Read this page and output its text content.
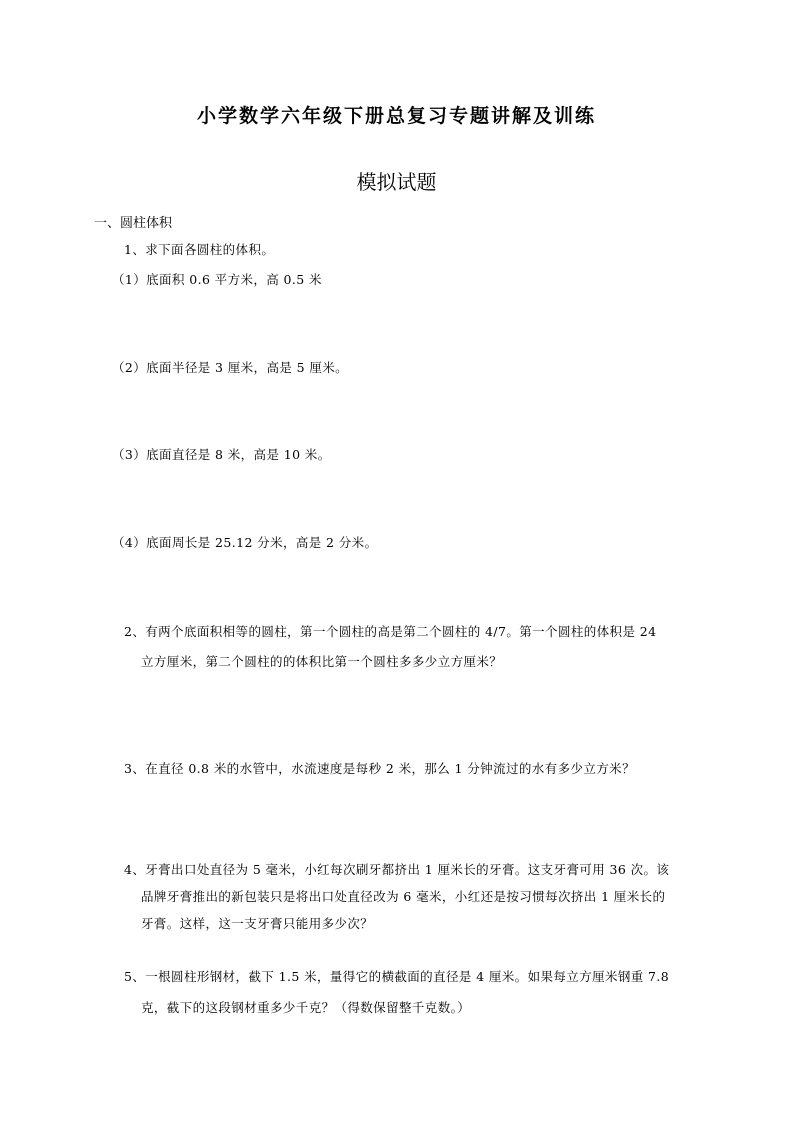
小学数学六年级下册总复习专题讲解及训练
模拟试题
一、圆柱体积
1、求下面各圆柱的体积。
（1）底面积 0.6 平方米，高 0.5 米
（2）底面半径是 3 厘米，高是 5 厘米。
（3）底面直径是 8 米，高是 10 米。
（4）底面周长是 25.12 分米，高是 2 分米。
2、有两个底面积相等的圆柱，第一个圆柱的高是第二个圆柱的 4/7。第一个圆柱的体积是 24
立方厘米，第二个圆柱的的体积比第一个圆柱多多少立方厘米？
3、在直径 0.8 米的水管中，水流速度是每秒 2 米，那么 1 分钟流过的水有多少立方米？
4、牙膏出口处直径为 5 毫米，小红每次刷牙都挤出 1 厘米长的牙膏。这支牙膏可用 36 次。该
品牌牙膏推出的新包装只是将出口处直径改为 6 毫米，小红还是按习惯每次挤出 1 厘米长的
牙膏。这样，这一支牙膏只能用多少次？
5、一根圆柱形钢材，截下 1.5 米，量得它的横截面的直径是 4 厘米。如果每立方厘米钢重 7.8
克，截下的这段钢材重多少千克？（得数保留整千克数。）
